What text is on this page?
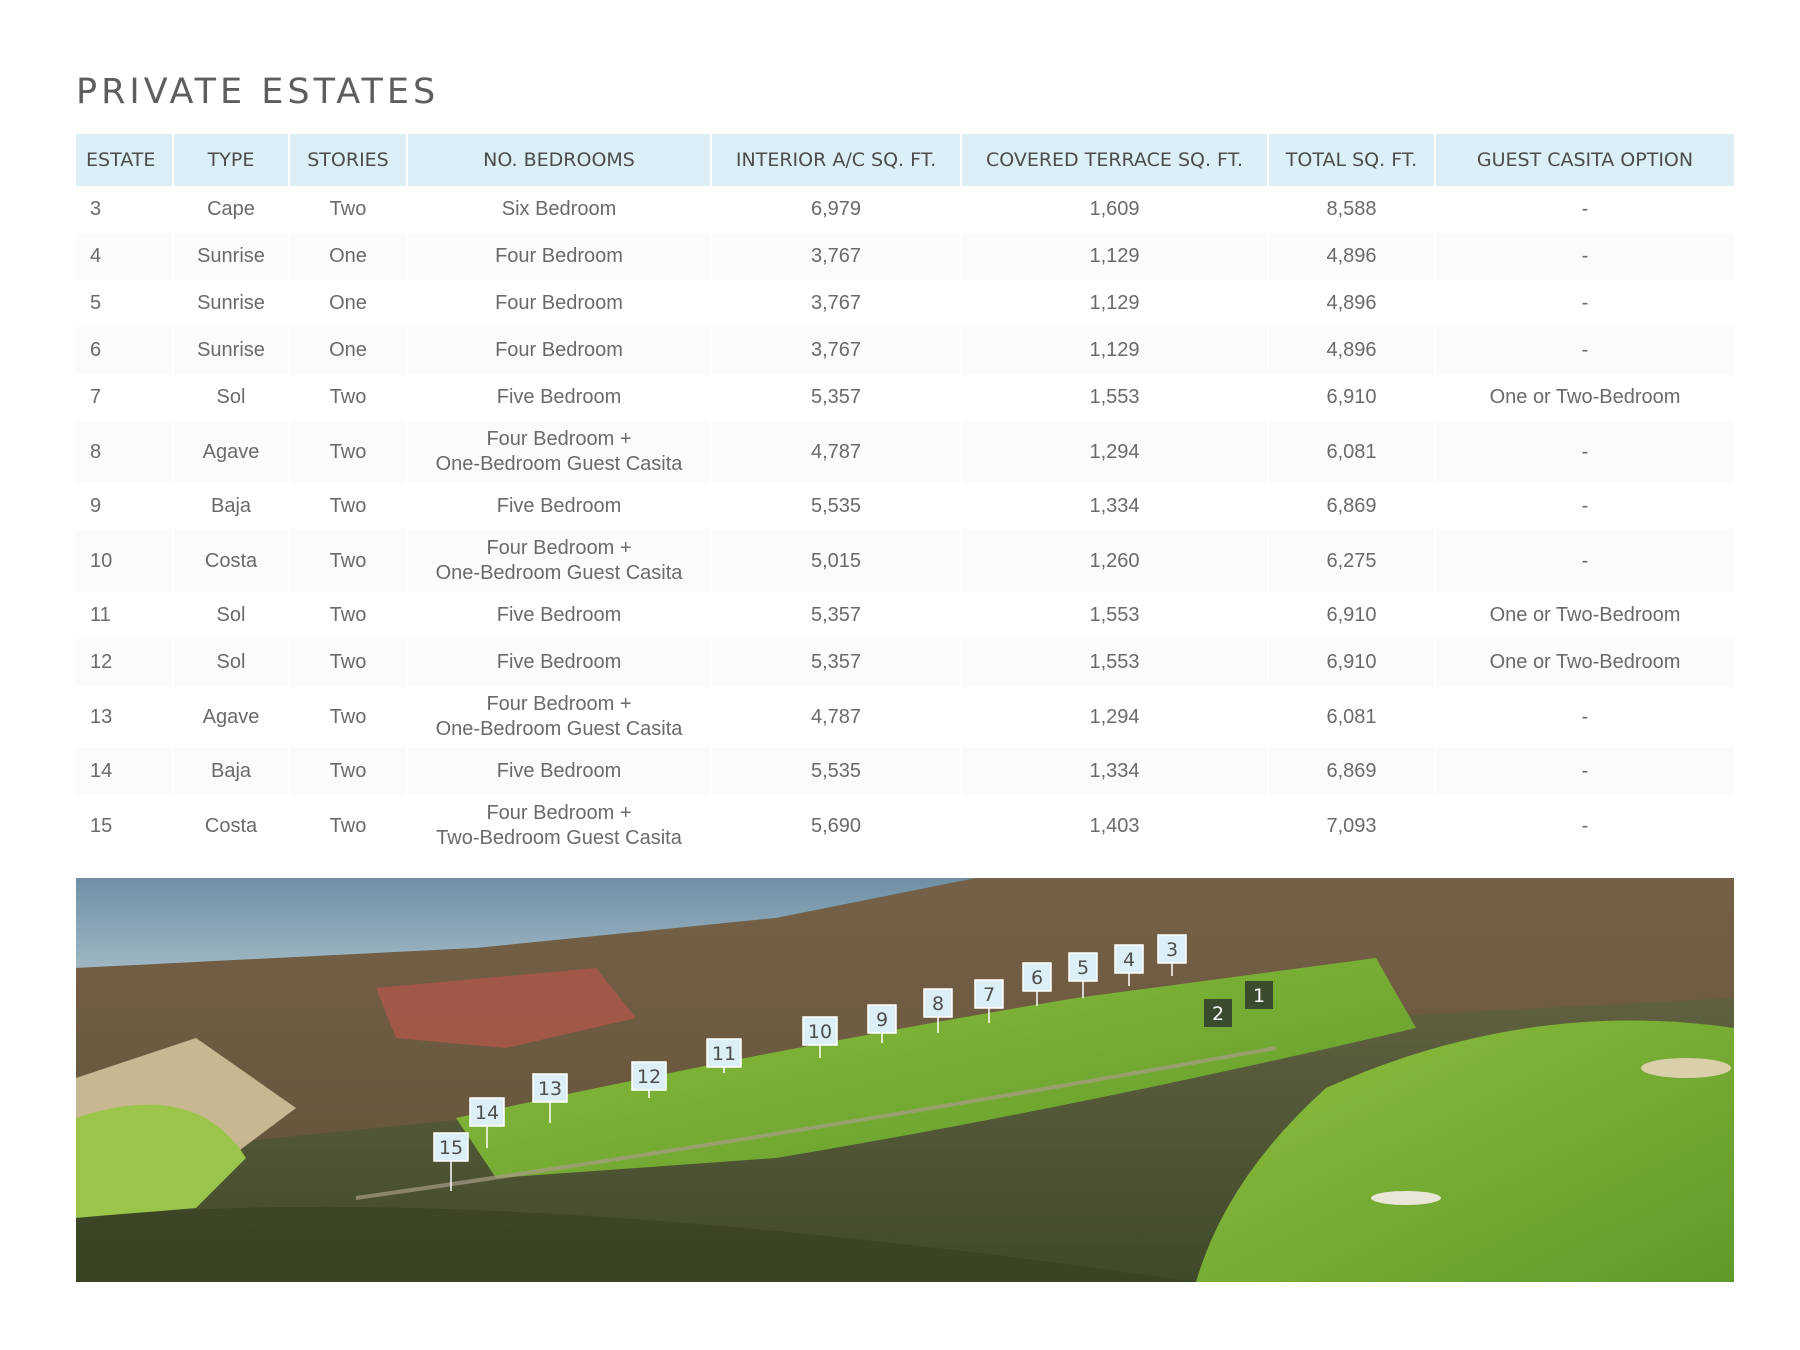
PRIVATE ESTATES
ESTATE	TYPE	STORIES	NO. BEDROOMS	INTERIOR A/C SQ. FT.	COVERED TERRACE SQ. FT.	TOTAL SQ. FT.	GUEST CASITA OPTION
3	Cape	Two	Six Bedroom	6,979	1,609	8,588	-
4	Sunrise	One	Four Bedroom	3,767	1,129	4,896	-
5	Sunrise	One	Four Bedroom	3,767	1,129	4,896	-
6	Sunrise	One	Four Bedroom	3,767	1,129	4,896	-
7	Sol	Two	Five Bedroom	5,357	1,553	6,910	One or Two-Bedroom
8	Agave	Two	Four Bedroom +
One-Bedroom Guest Casita	4,787	1,294	6,081	-
9	Baja	Two	Five Bedroom	5,535	1,334	6,869	-
10	Costa	Two	Four Bedroom +
One-Bedroom Guest Casita	5,015	1,260	6,275	-
11	Sol	Two	Five Bedroom	5,357	1,553	6,910	One or Two-Bedroom
12	Sol	Two	Five Bedroom	5,357	1,553	6,910	One or Two-Bedroom
13	Agave	Two	Four Bedroom +
One-Bedroom Guest Casita	4,787	1,294	6,081	-
14	Baja	Two	Five Bedroom	5,535	1,334	6,869	-
15	Costa	Two	Four Bedroom +
Two-Bedroom Guest Casita	5,690	1,403	7,093	-
15
14
13
12
11
10
9
8 7
6 5 4 3
2
1
